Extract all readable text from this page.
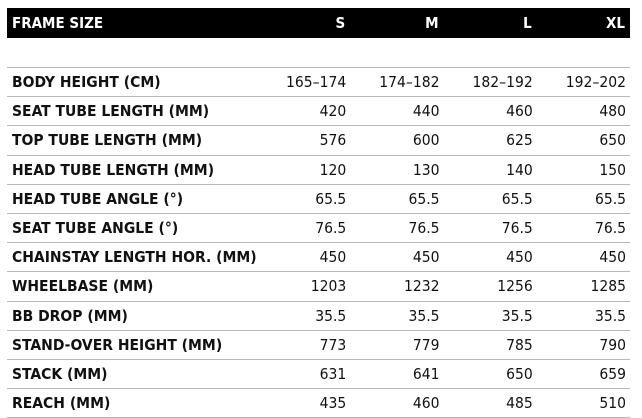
FRAME SIZE	S	M	L	XL

BODY HEIGHT (CM)	165–174	174–182	182–192	192–202
SEAT TUBE LENGTH (MM)	420	440	460	480
TOP TUBE LENGTH (MM)	576	600	625	650
HEAD TUBE LENGTH (MM)	120	130	140	150
HEAD TUBE ANGLE (°)	65.5	65.5	65.5	65.5
SEAT TUBE ANGLE (°)	76.5	76.5	76.5	76.5
CHAINSTAY LENGTH HOR. (MM)	450	450	450	450
WHEELBASE (MM)	1203	1232	1256	1285
BB DROP (MM)	35.5	35.5	35.5	35.5
STAND-OVER HEIGHT (MM)	773	779	785	790
STACK (MM)	631	641	650	659
REACH (MM)	435	460	485	510
